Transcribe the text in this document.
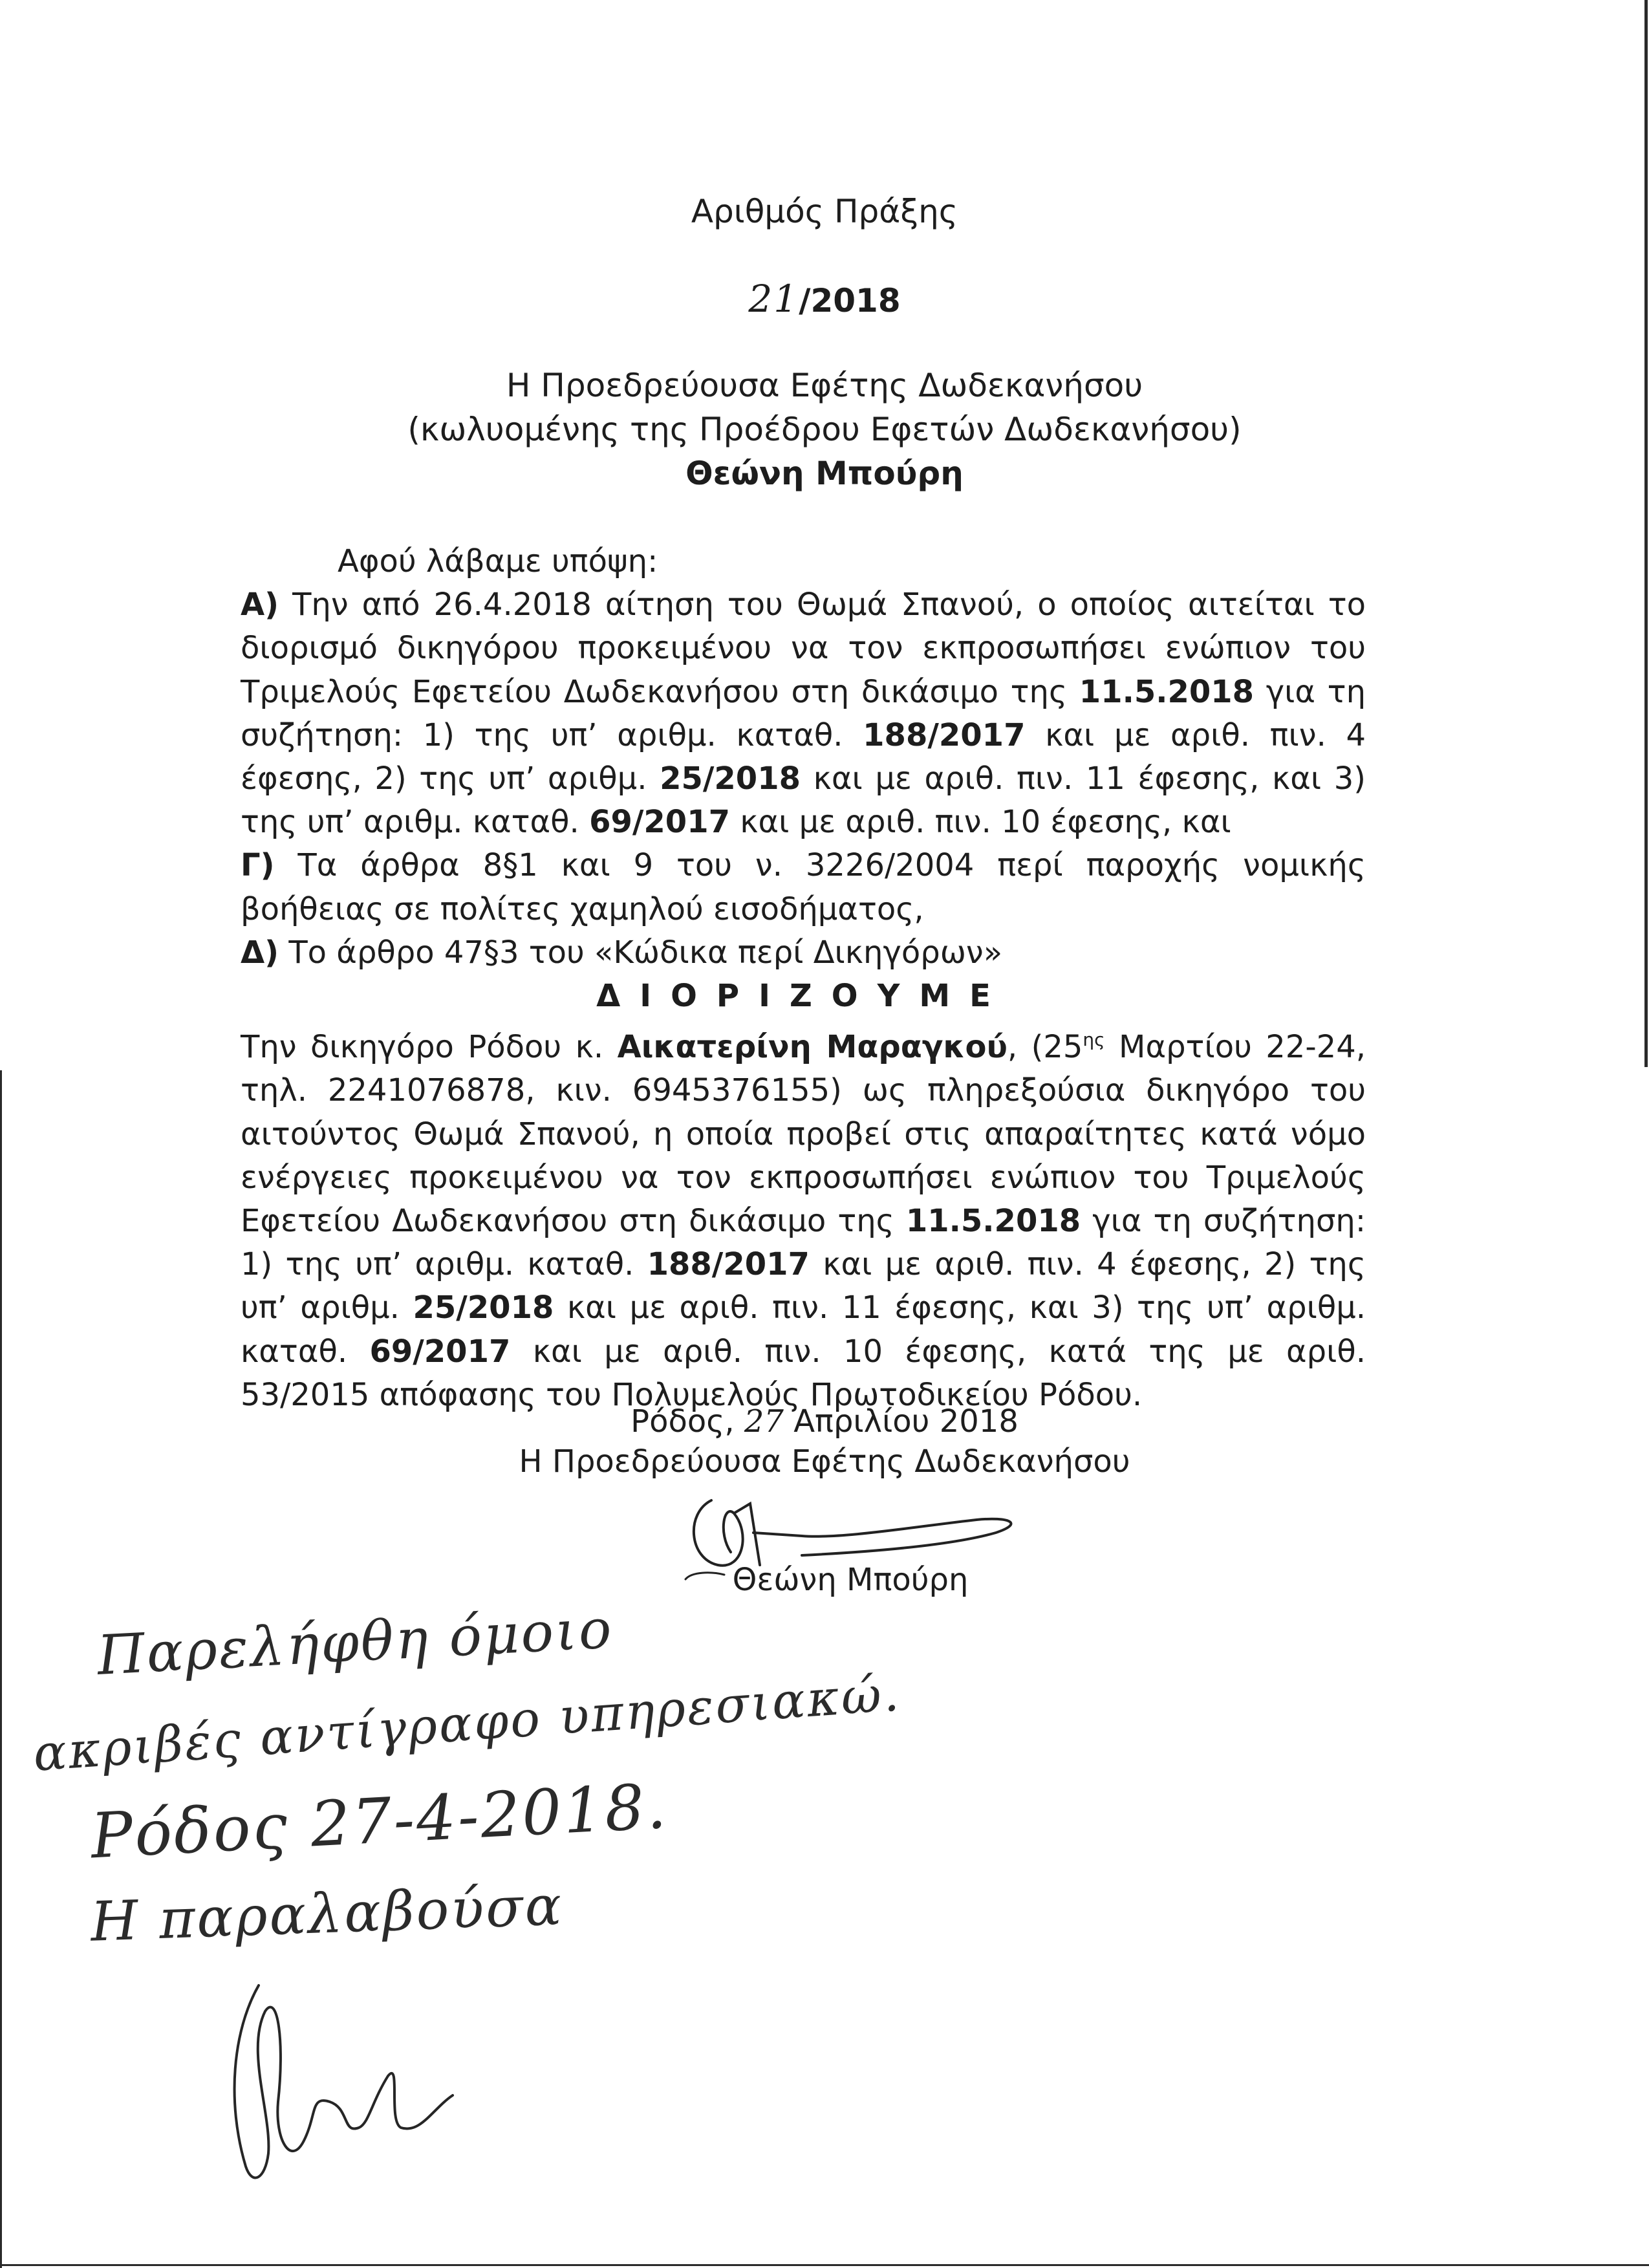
Αριθμός Πράξης
21/2018
Η Προεδρεύουσα Εφέτης Δωδεκανήσου
(κωλυομένης της Προέδρου Εφετών Δωδεκανήσου)
Θεώνη Μπούρη

Αφού λάβαμε υπόψη:

Α) Την από 26.4.2018 αίτηση του Θωμά Σπανού, ο οποίος αιτείται το διορισμό δικηγόρου προκειμένου να τον εκπροσωπήσει ενώπιον του Τριμελούς Εφετείου Δωδεκανήσου στη δικάσιμο της 11.5.2018 για τη συζήτηση: 1) της υπ’ αριθμ. καταθ. 188/2017 και με αριθ. πιν. 4 έφεσης, 2) της υπ’ αριθμ. 25/2018 και με αριθ. πιν. 11 έφεσης, και 3) της υπ’ αριθμ. καταθ. 69/2017 και με αριθ. πιν. 10 έφεσης, και

Γ) Τα άρθρα 8§1 και 9 του ν. 3226/2004 περί παροχής νομικής βοήθειας σε πολίτες χαμηλού εισοδήματος,

Δ) Το άρθρο 47§3 του «Κώδικα περί Δικηγόρων»

ΔΙΟΡΙΖΟΥΜΕ

Την δικηγόρο Ρόδου κ. Αικατερίνη Μαραγκού, ($25^{\eta\varsigma}$ Μαρτίου 22-24, τηλ. 2241076878, κιν. 6945376155) ως πληρεξούσια δικηγόρο του αιτούντος Θωμά Σπανού, η οποία προβεί στις απαραίτητες κατά νόμο ενέργειες προκειμένου να τον εκπροσωπήσει ενώπιον του Τριμελούς Εφετείου Δωδεκανήσου στη δικάσιμο της 11.5.2018 για τη συζήτηση: 1) της υπ’ αριθμ. καταθ. 188/2017 και με αριθ. πιν. 4 έφεσης, 2) της υπ’ αριθμ. 25/2018 και με αριθ. πιν. 11 έφεσης, και 3) της υπ’ αριθμ. καταθ. 69/2017 και με αριθ. πιν. 10 έφεσης, κατά της με αριθ. 53/2015 απόφασης του Πολυμελούς Πρωτοδικείου Ρόδου.

Ρόδος, 27 Απριλίου 2018
Η Προεδρεύουσα Εφέτης Δωδεκανήσου
Θεώνη Μπούρη
Παρελήφθη όμοιο
ακριβές αντίγραφο υπηρεσιακώ.
Ρόδος 27-4-2018.
Η παραλαβούσα
